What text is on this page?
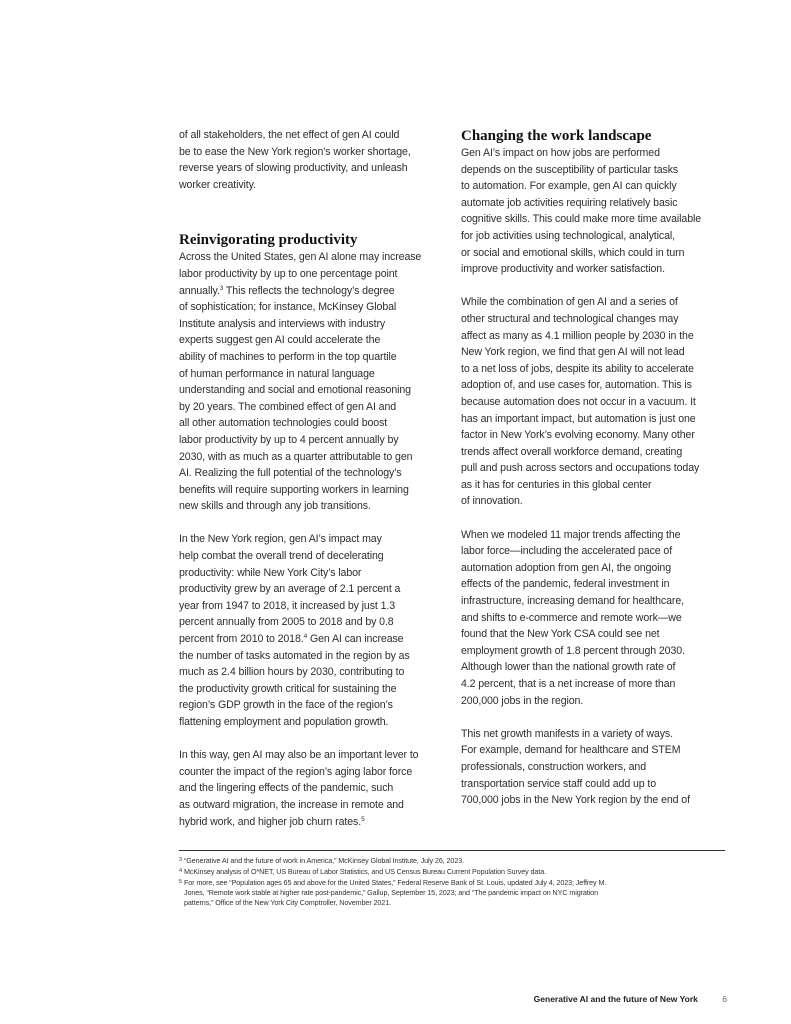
of all stakeholders, the net effect of gen AI could

be to ease the New York region’s worker shortage,

reverse years of slowing productivity, and unleash

worker creativity.

Reinvigorating productivity

Across the United States, gen AI alone may increase

labor productivity by up to one percentage point

annually.$^3$ This reflects the technology’s degree

of sophistication; for instance, McKinsey Global

Institute analysis and interviews with industry

experts suggest gen AI could accelerate the

ability of machines to perform in the top quartile

of human performance in natural language

understanding and social and emotional reasoning

by 20 years. The combined effect of gen AI and

all other automation technologies could boost

labor productivity by up to 4 percent annually by

2030, with as much as a quarter attributable to gen

AI. Realizing the full potential of the technology’s

benefits will require supporting workers in learning

new skills and through any job transitions.

In the New York region, gen AI’s impact may

help combat the overall trend of decelerating

productivity: while New York City’s labor

productivity grew by an average of 2.1 percent a

year from 1947 to 2018, it increased by just 1.3

percent annually from 2005 to 2018 and by 0.8

percent from 2010 to 2018.$^4$ Gen AI can increase

the number of tasks automated in the region by as

much as 2.4 billion hours by 2030, contributing to

the productivity growth critical for sustaining the

region’s GDP growth in the face of the region’s

flattening employment and population growth.

In this way, gen AI may also be an important lever to

counter the impact of the region’s aging labor force

and the lingering effects of the pandemic, such

as outward migration, the increase in remote and

hybrid work, and higher job churn rates.$^5$

Changing the work landscape

Gen AI’s impact on how jobs are performed

depends on the susceptibility of particular tasks

to automation. For example, gen AI can quickly

automate job activities requiring relatively basic

cognitive skills. This could make more time available

for job activities using technological, analytical,

or social and emotional skills, which could in turn

improve productivity and worker satisfaction.

While the combination of gen AI and a series of

other structural and technological changes may

affect as many as 4.1 million people by 2030 in the

New York region, we find that gen AI will not lead

to a net loss of jobs, despite its ability to accelerate

adoption of, and use cases for, automation. This is

because automation does not occur in a vacuum. It

has an important impact, but automation is just one

factor in New York’s evolving economy. Many other

trends affect overall workforce demand, creating

pull and push across sectors and occupations today

as it has for centuries in this global center

of innovation.

When we modeled 11 major trends affecting the

labor force—including the accelerated pace of

automation adoption from gen AI, the ongoing

effects of the pandemic, federal investment in

infrastructure, increasing demand for healthcare,

and shifts to e-commerce and remote work—we

found that the New York CSA could see net

employment growth of 1.8 percent through 2030.

Although lower than the national growth rate of

4.2 percent, that is a net increase of more than

200,000 jobs in the region.

This net growth manifests in a variety of ways.

For example, demand for healthcare and STEM

professionals, construction workers, and

transportation service staff could add up to

700,000 jobs in the New York region by the end of

$^3$ “Generative AI and the future of work in America,” McKinsey Global Institute, July 26, 2023.

$^4$ McKinsey analysis of O*NET, US Bureau of Labor Statistics, and US Census Bureau Current Population Survey data.

$^5$ For more, see “Population ages 65 and above for the United States,” Federal Reserve Bank of St. Louis, updated July 4, 2023; Jeffrey M.

Jones, “Remote work stable at higher rate post-pandemic,” Gallup, September 15, 2023; and “The pandemic impact on NYC migration

patterns,” Office of the New York City Comptroller, November 2021.

Generative AI and the future of New York	6
